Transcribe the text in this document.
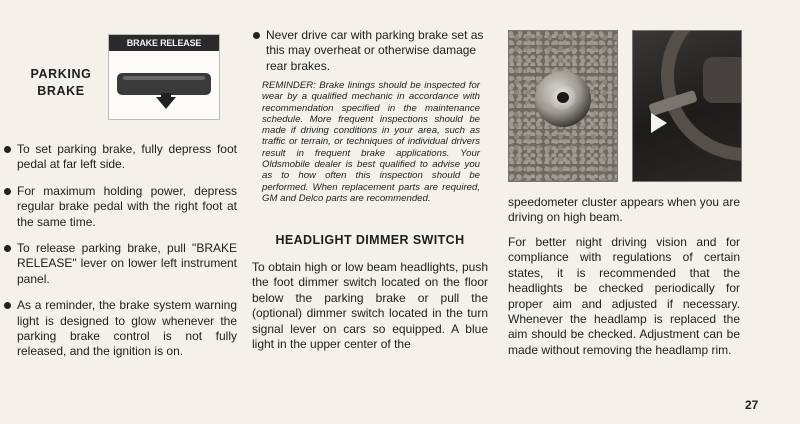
PARKING
BRAKE
BRAKE RELEASE
To set parking brake, fully depress foot pedal at far left side.
For maximum holding power, depress regular brake pedal with the right foot at the same time.
To release parking brake, pull "BRAKE RELEASE" lever on lower left instrument panel.
As a reminder, the brake system warning light is designed to glow whenever the parking brake control is not fully released, and the ignition is on.
Never drive car with parking brake set as this may overheat or otherwise damage rear brakes.
REMINDER: Brake linings should be inspected for wear by a qualified mechanic in accordance with recommendation specified in the maintenance schedule. More frequent inspections should be made if driving conditions in your area, such as traffic or terrain, or techniques of individual drivers result in frequent brake applications. Your Oldsmobile dealer is best qualified to advise you as to how often this inspection should be performed. When replacement parts are required, GM and Delco parts are recommended.
HEADLIGHT DIMMER SWITCH
To obtain high or low beam headlights, push the foot dimmer switch located on the floor below the parking brake or pull the (optional) dimmer switch located in the turn signal lever on cars so equipped. A blue light in the upper center of the
speedometer cluster appears when you are driving on high beam.
For better night driving vision and for compliance with regulations of certain states, it is recommended that the headlights be checked periodically for proper aim and adjusted if necessary. Whenever the headlamp is replaced the aim should be checked. Adjustment can be made without removing the headlamp rim.
27
